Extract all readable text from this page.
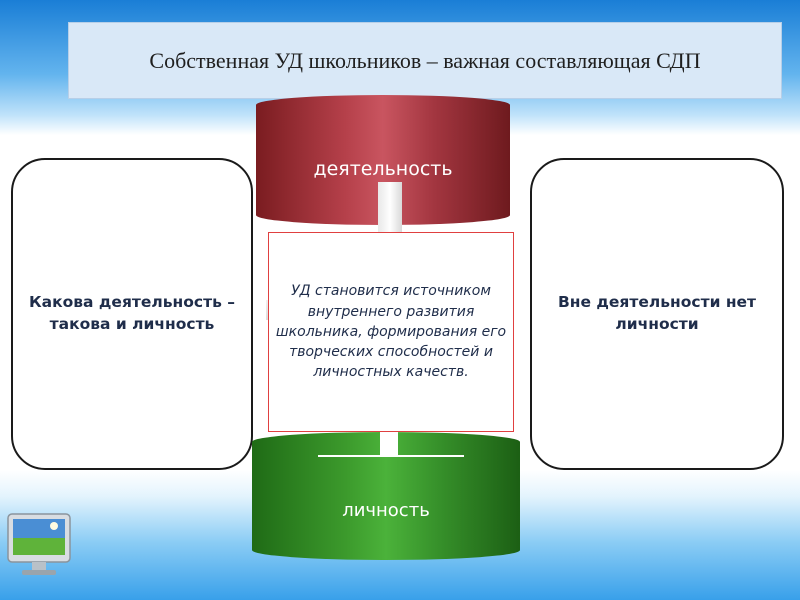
Собственная УД школьников – важная составляющая СДП
Какова деятельность – такова и личность
Вне деятельности нет личности
деятельность
личность
УД становится источником внутреннего развития школьника, формирования его творческих способностей и личностных качеств.
